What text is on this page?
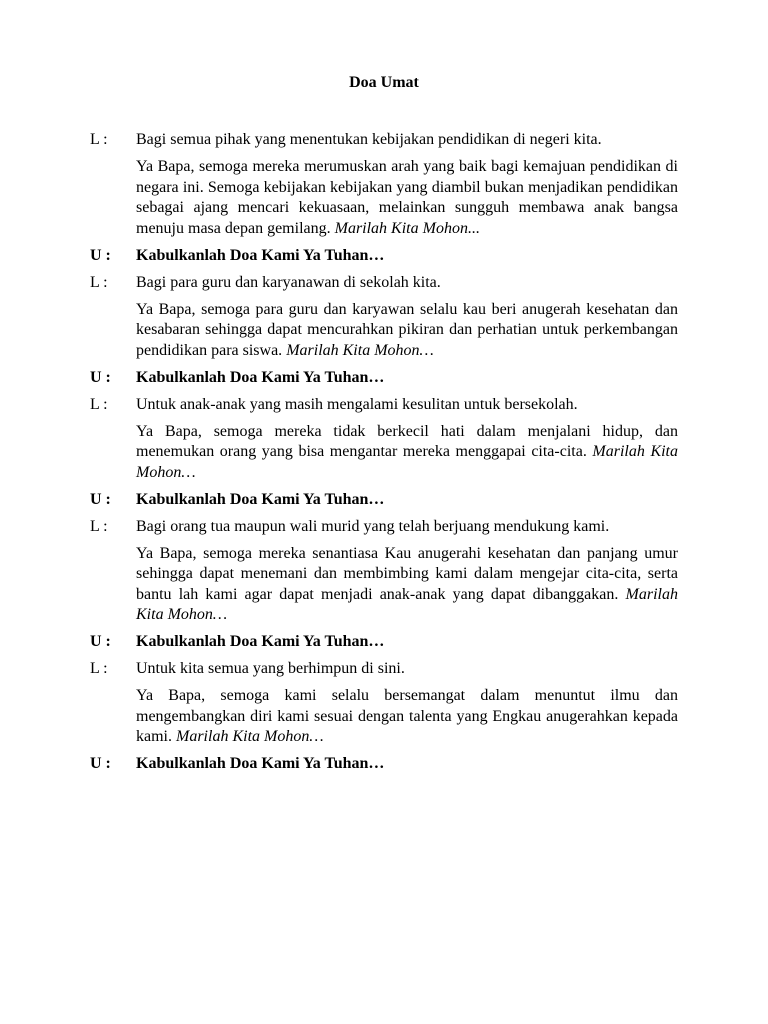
Doa Umat
L :	Bagi semua pihak yang menentukan kebijakan pendidikan di negeri kita.

Ya Bapa, semoga mereka merumuskan arah yang baik bagi kemajuan pendidikan di negara ini. Semoga kebijakan kebijakan yang diambil bukan menjadikan pendidikan sebagai ajang mencari kekuasaan, melainkan sungguh membawa anak bangsa menuju masa depan gemilang. Marilah Kita Mohon...

U :	Kabulkanlah Doa Kami Ya Tuhan…
L :	Bagi para guru dan karyanawan di sekolah kita.

Ya Bapa, semoga para guru dan karyawan selalu kau beri anugerah kesehatan dan kesabaran sehingga dapat mencurahkan pikiran dan perhatian untuk perkembangan pendidikan para siswa. Marilah Kita Mohon…

U :	Kabulkanlah Doa Kami Ya Tuhan…
L :	Untuk anak-anak yang masih mengalami kesulitan untuk bersekolah.

Ya Bapa, semoga mereka tidak berkecil hati dalam menjalani hidup, dan menemukan orang yang bisa mengantar mereka menggapai cita-cita. Marilah Kita Mohon…

U :	Kabulkanlah Doa Kami Ya Tuhan…
L :	Bagi orang tua maupun wali murid yang telah berjuang mendukung kami.

Ya Bapa, semoga mereka senantiasa Kau anugerahi kesehatan dan panjang umur sehingga dapat menemani dan membimbing kami dalam mengejar cita-cita, serta bantu lah kami agar dapat menjadi anak-anak yang dapat dibanggakan. Marilah Kita Mohon…

U :	Kabulkanlah Doa Kami Ya Tuhan…
L :	Untuk kita semua yang berhimpun di sini.

Ya Bapa, semoga kami selalu bersemangat dalam menuntut ilmu dan mengembangkan diri kami sesuai dengan talenta yang Engkau anugerahkan kepada kami. Marilah Kita Mohon…

U :	Kabulkanlah Doa Kami Ya Tuhan…
